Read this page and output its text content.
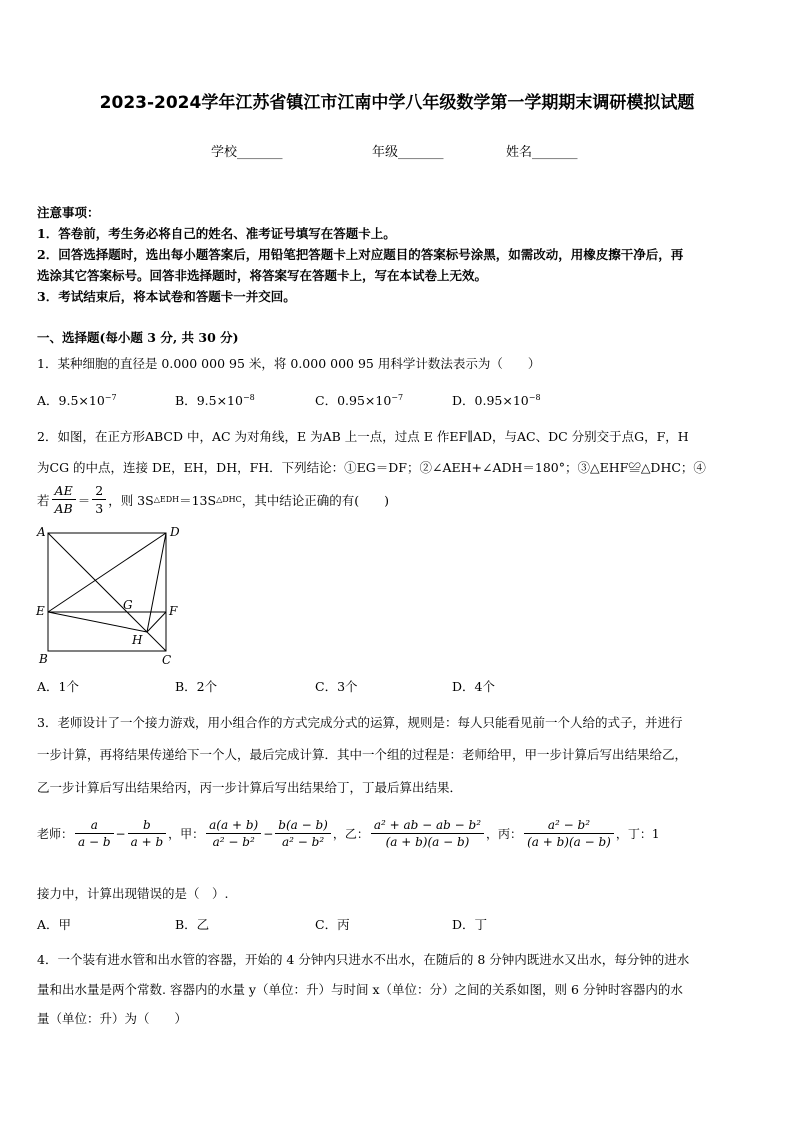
2023-2024学年江苏省镇江市江南中学八年级数学第一学期期末调研模拟试题
学校_______	年级_______	姓名_______
注意事项：
1．答卷前，考生务必将自己的姓名、准考证号填写在答题卡上。
2．回答选择题时，选出每小题答案后，用铅笔把答题卡上对应题目的答案标号涂黑，如需改动，用橡皮擦干净后，再
选涂其它答案标号。回答非选择题时，将答案写在答题卡上，写在本试卷上无效。
3．考试结束后，将本试卷和答题卡一并交回。
一、选择题(每小题 3 分, 共 30 分)
1．某种细胞的直径是 0.000 000 95 米，将 0.000 000 95 用科学计数法表示为（　　）
A．$9.5\times 10^{-7}$	B．$9.5\times 10^{-8}$	C．$0.95\times 10^{-7}$	D．$0.95\times 10^{-8}$
2．如图，在正方形ABCD 中，AC 为对角线，E 为AB 上一点，过点 E 作EF∥AD，与AC、DC 分别交于点G，F，H
为CG 的中点，连接 DE，EH，DH，FH．下列结论：①EG＝DF；②∠AEH+∠ADH＝180°；③△EHF≌△DHC；④
若 $\frac{AE}{AB} = \frac{2}{3}$ ，则 3S △EDH ＝13S △DHC ，其中结论正确的有(　　)
A	D
E	G	F
H
B	C
A．1个	B．2个	C．3个	D．4个
3．老师设计了一个接力游戏，用小组合作的方式完成分式的运算，规则是：每人只能看见前一个人给的式子，并进行
一步计算，再将结果传递给下一个人，最后完成计算．其中一个组的过程是：老师给甲，甲一步计算后写出结果给乙，
乙一步计算后写出结果给丙，丙一步计算后写出结果给丁，丁最后算出结果．
老师： $\frac{a}{a - b} - \frac{b}{a + b}$ ，甲： $\frac{a(a + b)}{\text{a² − b²}} - \frac{b(a - b)}{\text{a² − b²}}$ ，乙： $\frac{\text{a² + ab − ab − b²}}{(a + b)(a - b)}$ ，丙： $\frac{\text{a² − b²}}{(a + b)(a - b)}$ ，丁：1
接力中，计算出现错误的是（　）.
A．甲	B．乙	C．丙	D．丁
4．一个装有进水管和出水管的容器，开始的 4 分钟内只进水不出水，在随后的 8 分钟内既进水又出水，每分钟的进水
量和出水量是两个常数. 容器内的水量 y（单位：升）与时间 x（单位：分）之间的关系如图，则 6 分钟时容器内的水
量（单位：升）为（　　）
